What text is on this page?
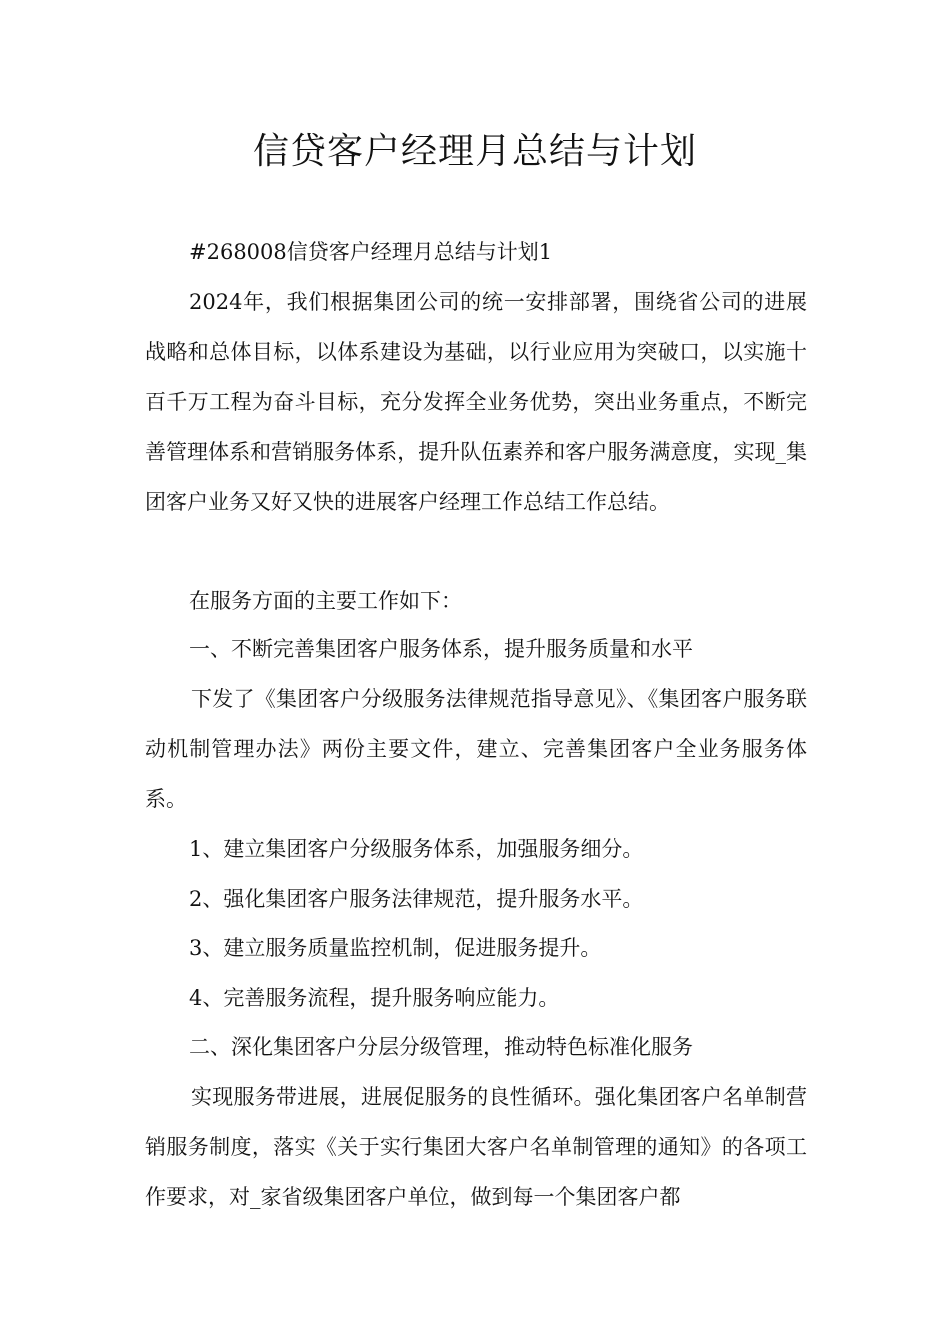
信贷客户经理月总结与计划

#268008信贷客户经理月总结与计划1

2024年，我们根据集团公司的统一安排部署，围绕省公司的进展战略和总体目标，以体系建设为基础，以行业应用为突破口，以实施十百千万工程为奋斗目标，充分发挥全业务优势，突出业务重点，不断完善管理体系和营销服务体系，提升队伍素养和客户服务满意度，实现_集团客户业务又好又快的进展客户经理工作总结工作总结。

在服务方面的主要工作如下：

一、不断完善集团客户服务体系，提升服务质量和水平

下发了《集团客户分级服务法律规范指导意见》、《集团客户服务联动机制管理办法》两份主要文件，建立、完善集团客户全业务服务体系。

1、建立集团客户分级服务体系，加强服务细分。

2、强化集团客户服务法律规范，提升服务水平。

3、建立服务质量监控机制，促进服务提升。

4、完善服务流程，提升服务响应能力。

二、深化集团客户分层分级管理，推动特色标准化服务

实现服务带进展，进展促服务的良性循环。强化集团客户名单制营销服务制度，落实《关于实行集团大客户名单制管理的通知》的各项工作要求，对_家省级集团客户单位，做到每一个集团客户都
